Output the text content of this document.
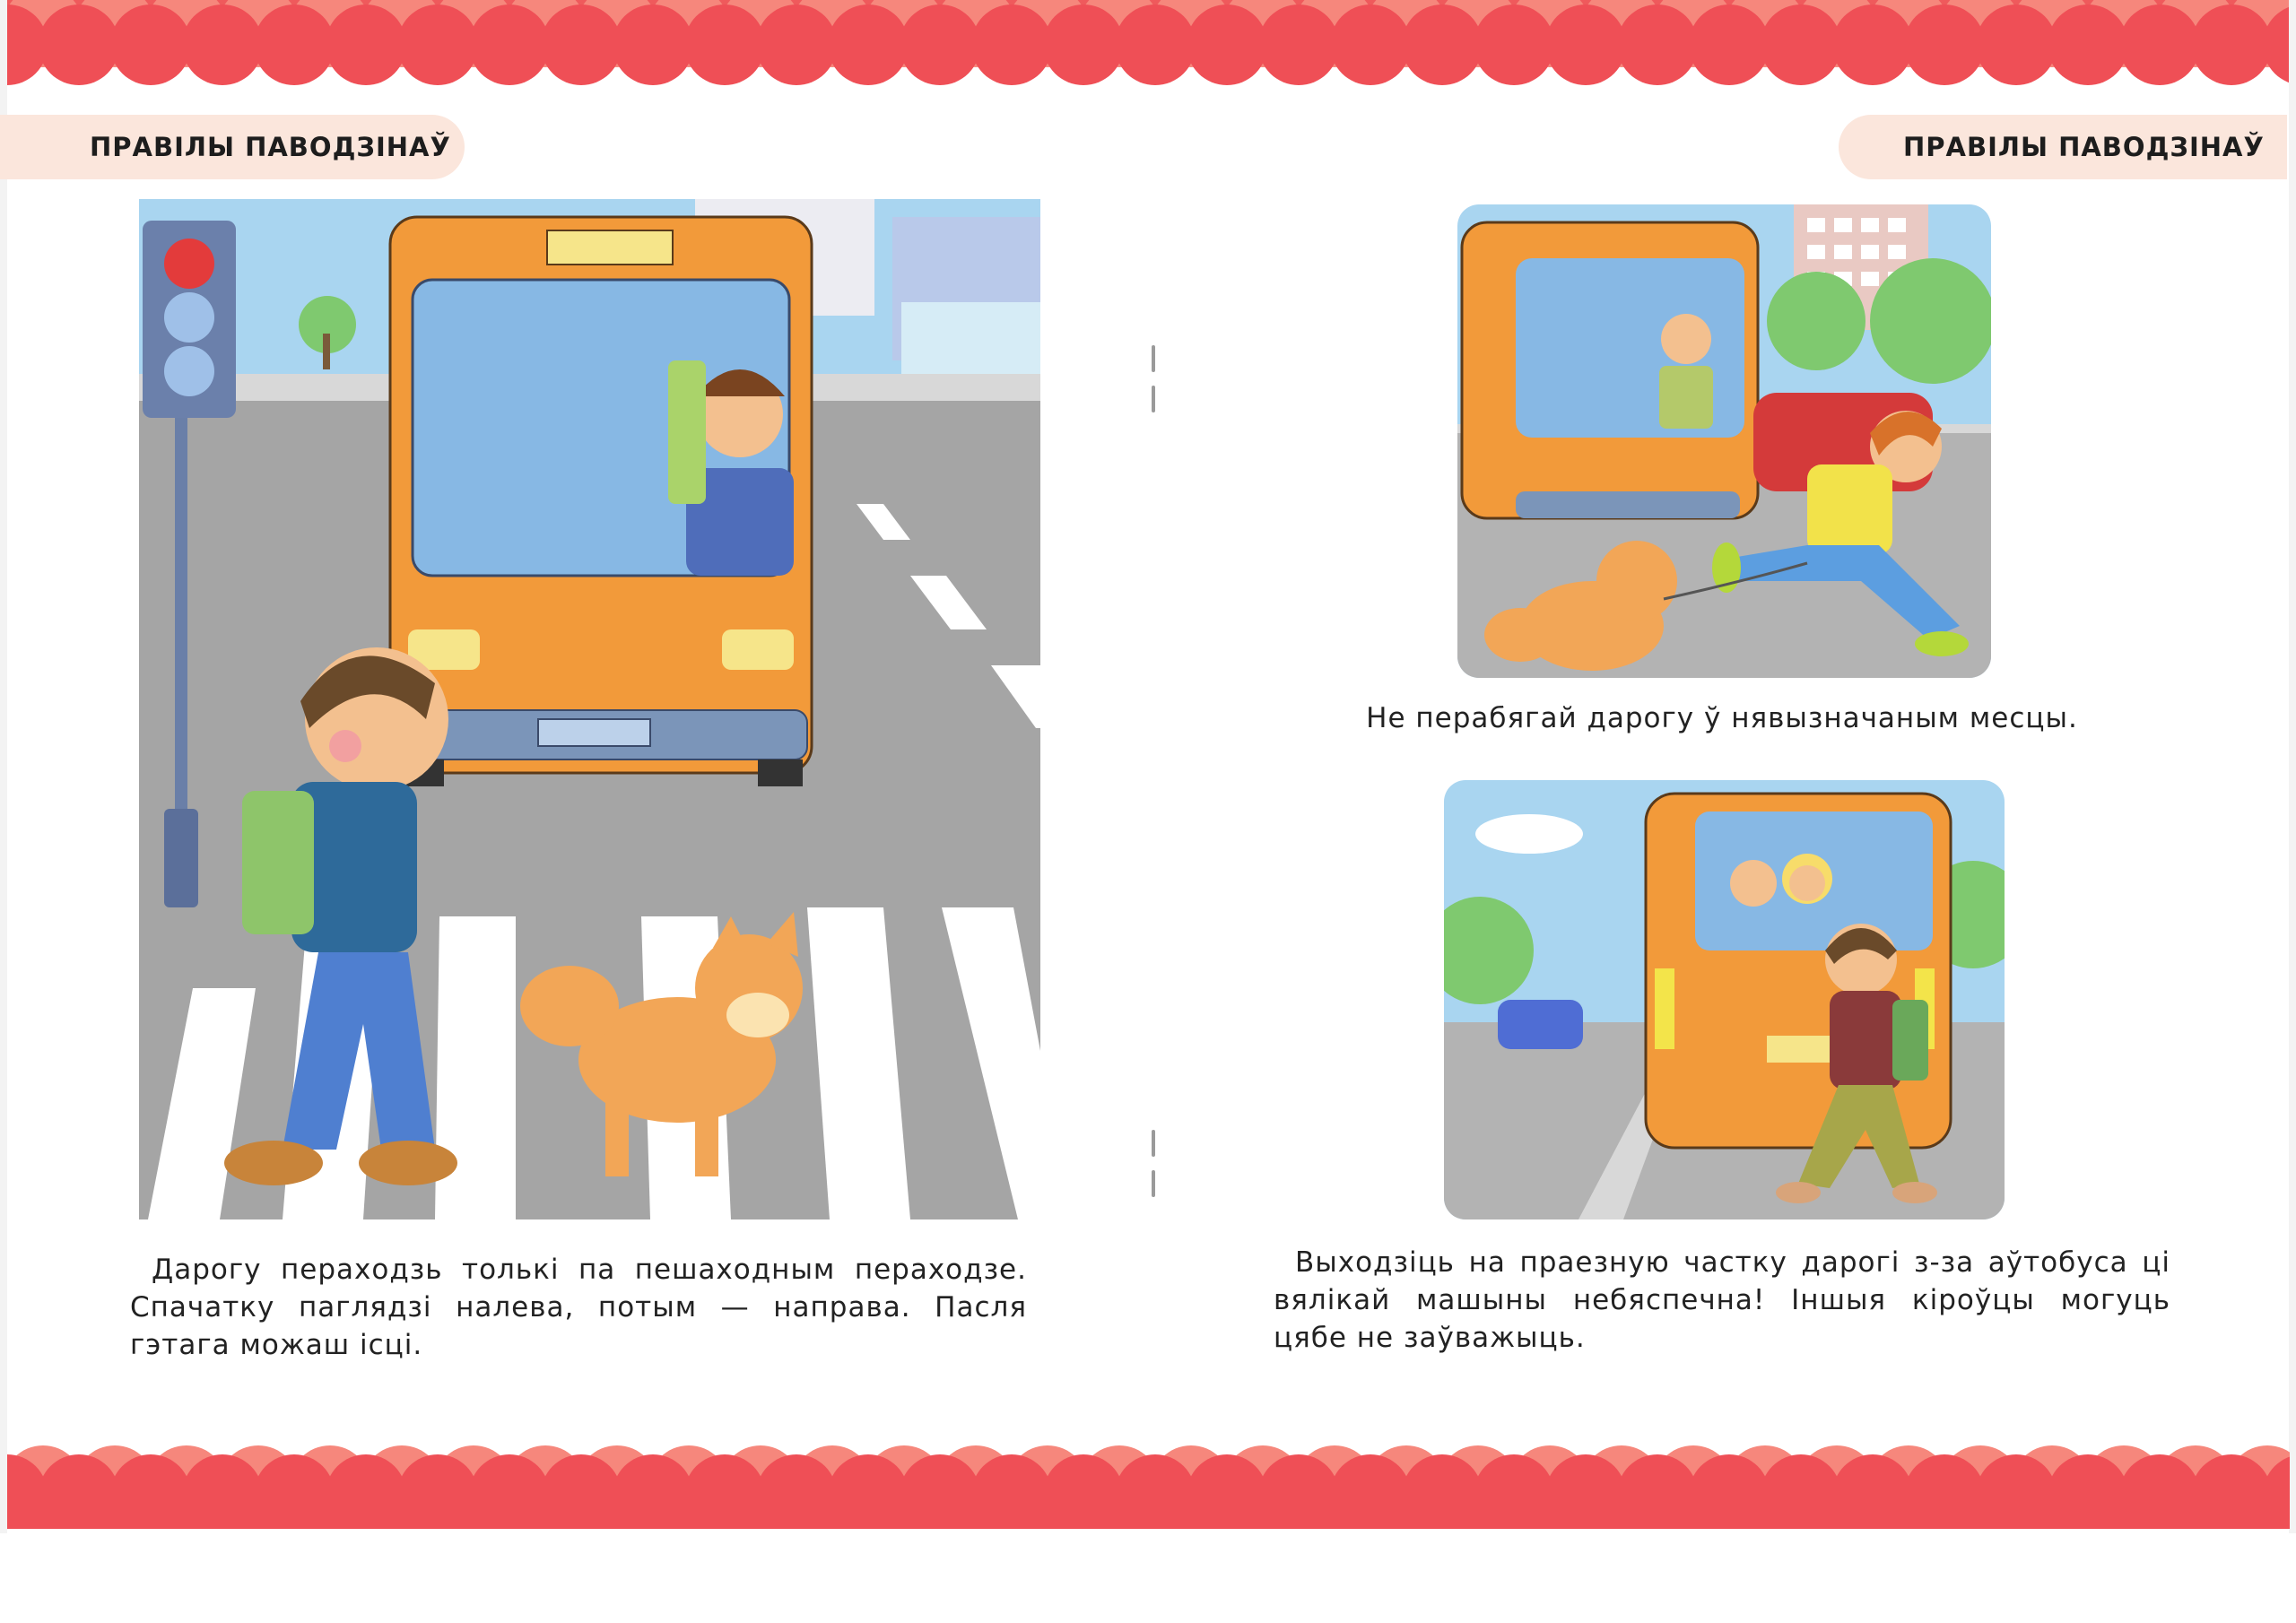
ПРАВІЛЫ ПАВОДЗІНАЎ	ПРАВІЛЫ ПАВОДЗІНАЎ
Дарогу пераходзь толькі па пешаходным пераходзе. Спачатку паглядзі налева, потым — направа. Пасля гэтага можаш ісці.
Не перабягай дарогу ў нявызначаным месцы.
Выходзіць на праезную частку дарогі з-за аўтобуса ці вялікай машыны небяспечна! Іншыя кіроўцы могуць цябе не заўважыць.
